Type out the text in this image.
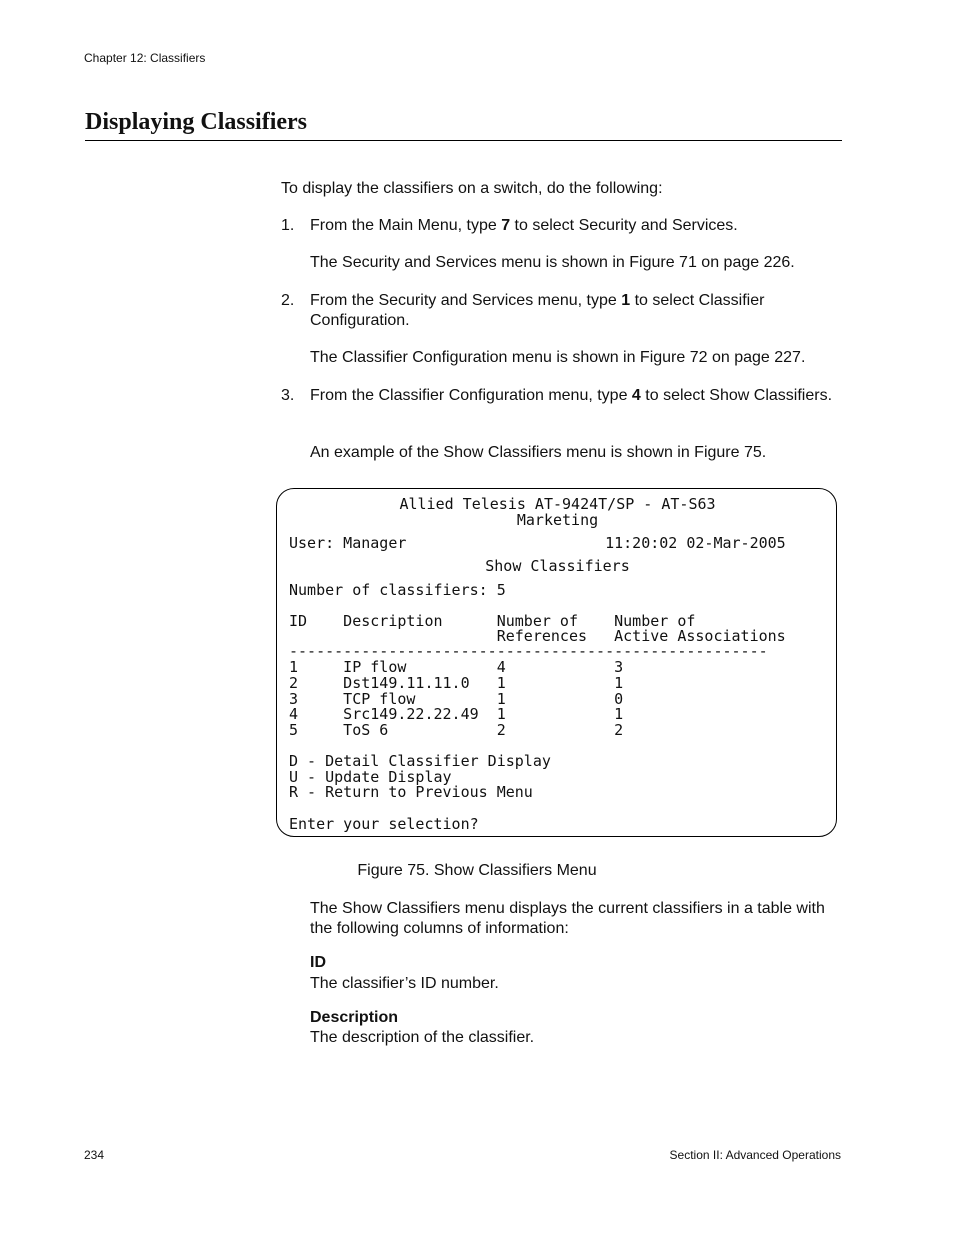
Chapter 12: Classifiers
Displaying Classifiers
To display the classifiers on a switch, do the following:
1. From the Main Menu, type 7 to select Security and Services.
The Security and Services menu is shown in Figure 71 on page 226.
2. From the Security and Services menu, type 1 to select Classifier Configuration.
The Classifier Configuration menu is shown in Figure 72 on page 227.
3. From the Classifier Configuration menu, type 4 to select Show Classifiers.
An example of the Show Classifiers menu is shown in Figure 75.
Allied Telesis AT-9424T/SP - AT-S63
Marketing
User: Manager                      11:20:02 02-Mar-2005
Show Classifiers
Number of classifiers: 5
ID    Description      Number of    Number of
References   Active Associations
-----------------------------------------------------
1     IP flow          4            3
2     Dst149.11.11.0   1            1
3     TCP flow         1            0
4     Src149.22.22.49  1            1
5     ToS 6            2            2
D - Detail Classifier Display
U - Update Display
R - Return to Previous Menu
Enter your selection?
Figure 75. Show Classifiers Menu
The Show Classifiers menu displays the current classifiers in a table with the following columns of information:
ID
The classifier’s ID number.
Description
The description of the classifier.
234	Section II: Advanced Operations
